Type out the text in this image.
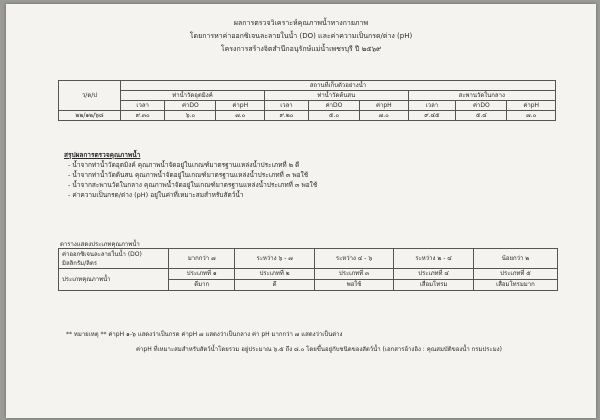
ผลการตรวจวิเคราะห์คุณภาพน้ำทางกายภาพ
โดยการหาค่าออกซิเจนละลายในน้ำ (DO) และค่าความเป็นกรด/ด่าง (pH)
โครงการสร้างจิตสำนึกอนุรักษ์แม่น้ำเพชรบุรี ปี ๒๕๖๙
ว/ด/ป	สถานที่เก็บตัวอย่างน้ำ								
	ท่าน้ำวัดอุตมิงค์			ท่าน้ำวัดต้นสน			สะพานวัดในกลาง		
	เวลา	ค่าDO	ค่าpH	เวลา	ค่าDO	ค่าpH	เวลา	ค่าDO	ค่าpH
๒๒/๑๒/๖๘	๙.๓๐	๖.๐	๗.๐	๙.๒๐	๕.๐	๗.๐	๙.๔๕	๕.๔	๗.๐
สรุปผลการตรวจคุณภาพน้ำ
- น้ำจากท่าน้ำวัดอุตมิงค์ คุณภาพน้ำจัดอยู่ในเกณฑ์มาตรฐานแหล่งน้ำประเภทที่ ๒ ดี
- น้ำจากท่าน้ำวัดต้นสน คุณภาพน้ำจัดอยู่ในเกณฑ์มาตรฐานแหล่งน้ำประเภทที่ ๓ พอใช้
- น้ำจากสะพานวัดในกลาง คุณภาพน้ำจัดอยู่ในเกณฑ์มาตรฐานแหล่งน้ำประเภทที่ ๓ พอใช้
- ค่าความเป็นกรด/ด่าง (pH) อยู่ในค่าที่เหมาะสมสำหรับสัตว์น้ำ
ตารางแสดงประเภทคุณภาพน้ำ
ค่าออกซิเจนละลายในน้ำ (DO)
มิลลิกรัม/ลิตร	มากกว่า ๗	ระหว่าง ๖ - ๗	ระหว่าง ๔ - ๖	ระหว่าง ๒ - ๔	น้อยกว่า ๒
ประเภทคุณภาพน้ำ	ประเภทที่ ๑	ประเภทที่ ๒	ประเภทที่ ๓	ประเภทที่ ๔	ประเภทที่ ๕
	ดีมาก	ดี	พอใช้	เสื่อมโทรม	เสื่อมโทรมมาก
** หมายเหตุ ** ค่าpH ๑-๖ แสดงว่าเป็นกรด ค่าpH ๗ แสดงว่าเป็นกลาง ค่า pH มากกว่า ๗ แสดงว่าเป็นด่าง
ค่าpH ที่เหมาะสมสำหรับสัตว์น้ำโดยรวม อยู่ประมาณ ๖.๕ ถึง ๘.๐ โดยขึ้นอยู่กับชนิดของสัตว์น้ำ (เอกสารอ้างอิง : คุณสมบัติของน้ำ กรมประมง)
